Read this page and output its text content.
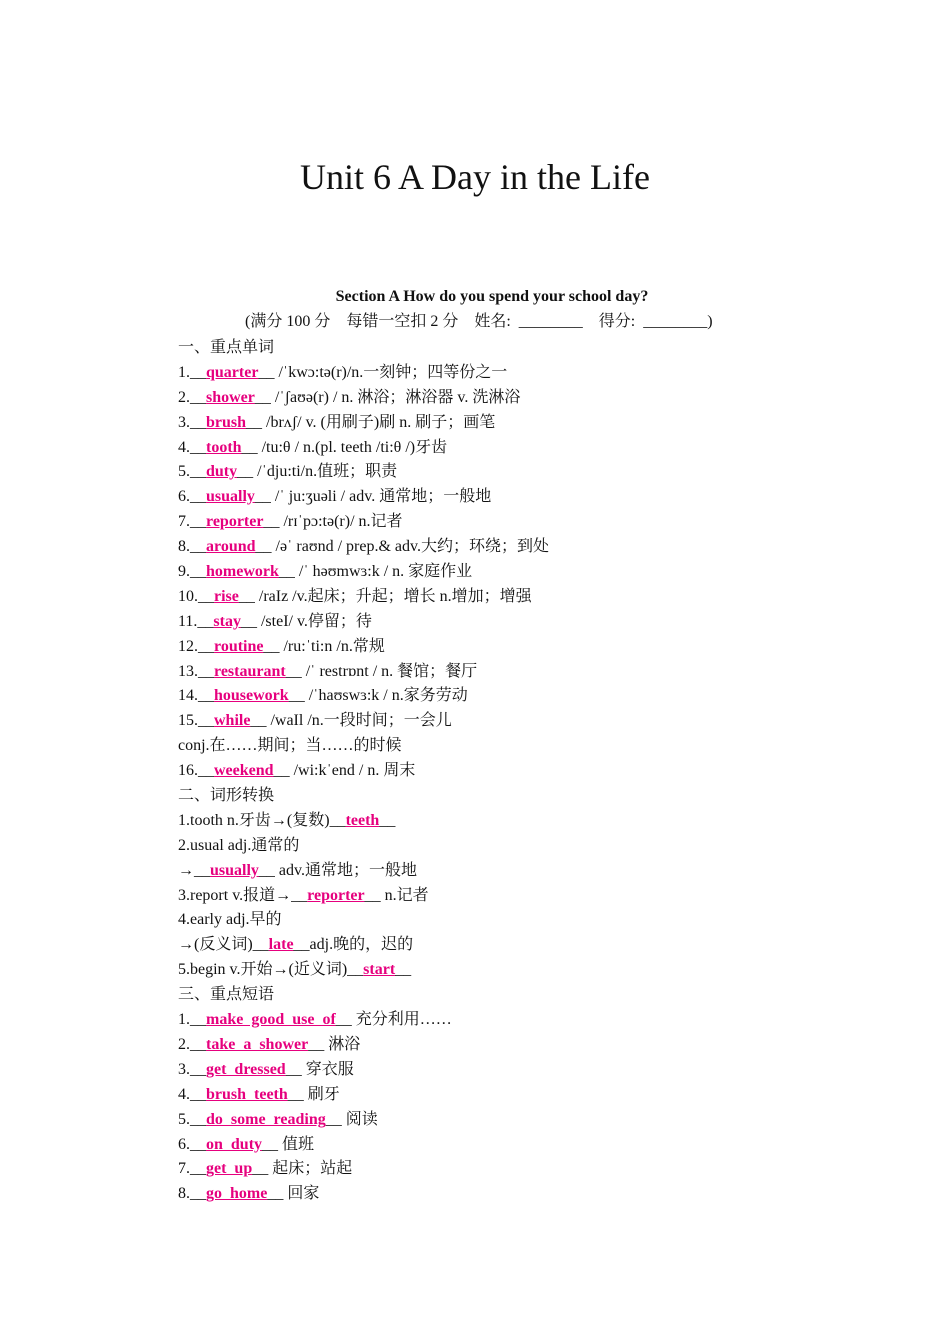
Unit 6 A Day in the Life
Section A How do you spend your school day?
(满分 100 分    每错一空扣 2 分    姓名:  ________    得分:  ________)
一、重点单词
1.__quarter__ /ˈkwɔ:tə(r)/n.一刻钟；四等份之一
2.__shower__ /ˈʃaʊə(r) / n. 淋浴；淋浴器 v. 洗淋浴
3.__brush__ /brʌʃ/ v. (用刷子)刷 n. 刷子；画笔
4.__tooth__ /tu:θ / n.(pl. teeth /ti:θ /)牙齿
5.__duty__ /ˈdju:ti/n.值班；职责
6.__usually__ /ˈ ju:ʒuəli / adv. 通常地；一般地
7.__reporter__ /rɪˈpɔ:tə(r)/ n.记者
8.__around__ /əˈ raʊnd / prep.& adv.大约；环绕；到处
9.__homework__ /ˈ həʊmwɜ:k / n. 家庭作业
10.__rise__ /raIz /v.起床；升起；增长 n.增加；增强
11.__stay__ /steI/ v.停留；待
12.__routine__ /ru:ˈti:n /n.常规
13.__restaurant__ /ˈ restrɒnt / n. 餐馆；餐厅
14.__housework__ /ˈhaʊswɜ:k / n.家务劳动
15.__while__ /waIl /n.一段时间；一会儿
conj.在……期间；当……的时候
16.__weekend__ /wi:kˈend / n. 周末
二、词形转换
1.tooth n.牙齿→(复数)__teeth__
2.usual adj.通常的
→__usually__ adv.通常地；一般地
3.report v.报道→__reporter__ n.记者
4.early adj.早的
→(反义词)__late__adj.晚的，迟的
5.begin v.开始→(近义词)__start__
三、重点短语
1.__make  good  use  of__ 充分利用……
2.__take  a  shower__ 淋浴
3.__get  dressed__ 穿衣服
4.__brush  teeth__ 刷牙
5.__do  some  reading__ 阅读
6.__on  duty__ 值班
7.__get  up__ 起床；站起
8.__go  home__ 回家
